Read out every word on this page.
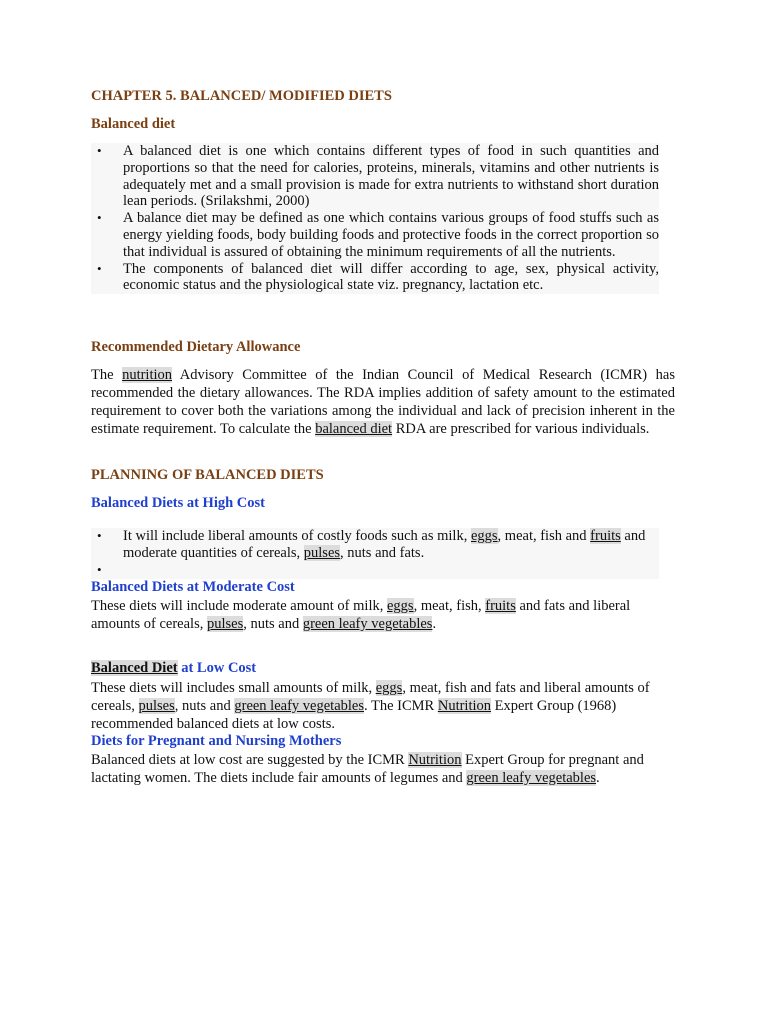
CHAPTER 5. BALANCED/ MODIFIED DIETS
Balanced diet
• A balanced diet is one which contains different types of food in such quantities and proportions so that the need for calories, proteins, minerals, vitamins and other nutrients is adequately met and a small provision is made for extra nutrients to withstand short duration lean periods. (Srilakshmi, 2000)
• A balance diet may be defined as one which contains various groups of food stuffs such as energy yielding foods, body building foods and protective foods in the correct proportion so that individual is assured of obtaining the minimum requirements of all the nutrients.
• The components of balanced diet will differ according to age, sex, physical activity, economic status and the physiological state viz. pregnancy, lactation etc.
Recommended Dietary Allowance

The nutrition Advisory Committee of the Indian Council of Medical Research (ICMR) has recommended the dietary allowances. The RDA implies addition of safety amount to the estimated requirement to cover both the variations among the individual and lack of precision inherent in the estimate requirement. To calculate the balanced diet RDA are prescribed for various individuals.

PLANNING OF BALANCED DIETS
Balanced Diets at High Cost
• It will include liberal amounts of costly foods such as milk, eggs, meat, fish and fruits and moderate quantities of cereals, pulses, nuts and fats.
•
Balanced Diets at Moderate Cost

These diets will include moderate amount of milk, eggs, meat, fish, fruits and fats and liberal amounts of cereals, pulses, nuts and green leafy vegetables.

Balanced Diet at Low Cost

These diets will includes small amounts of milk, eggs, meat, fish and fats and liberal amounts of cereals, pulses, nuts and green leafy vegetables. The ICMR Nutrition Expert Group (1968) recommended balanced diets at low costs.

Diets for Pregnant and Nursing Mothers

Balanced diets at low cost are suggested by the ICMR Nutrition Expert Group for pregnant and lactating women. The diets include fair amounts of legumes and green leafy vegetables.
